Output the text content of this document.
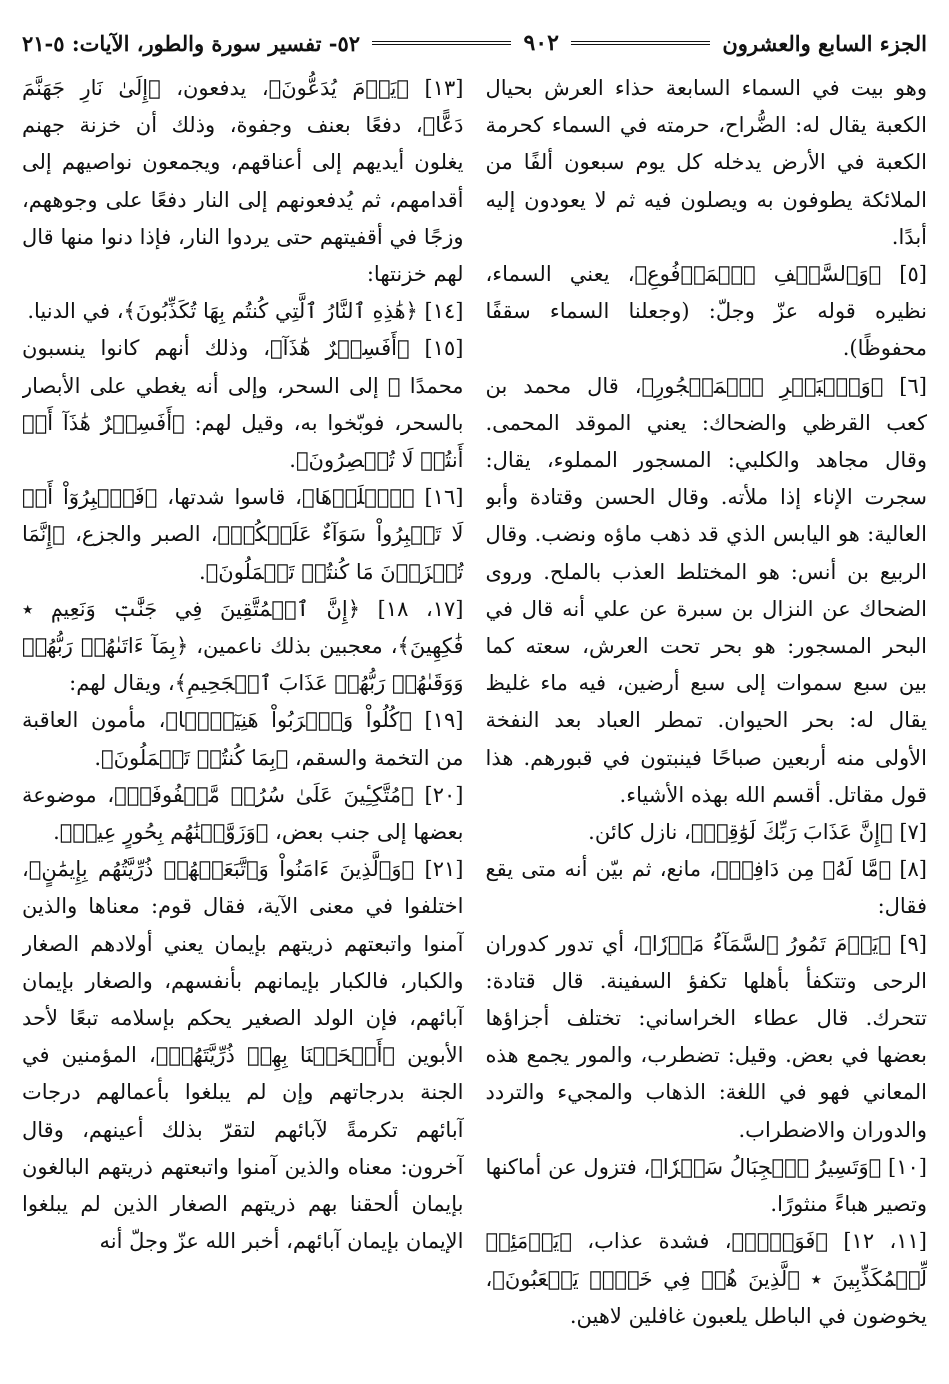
الجزء السابع والعشرون
٩٠٢
٥٢- تفسير سورة والطور، الآيات: ٥-٢١

وهو بيت في السماء السابعة حذاء العرش بحيال الكعبة يقال له: الضُّراح، حرمته في السماء كحرمة الكعبة في الأرض يدخله كل يوم سبعون ألفًا من الملائكة يطوفون به ويصلون فيه ثم لا يعودون إليه أبدًا.

[٥] ﴿وَٱلسَّقۡفِ ٱلۡمَرۡفُوعِ﴾، يعني السماء، نظيره قوله عزّ وجلّ: (وجعلنا السماء سقفًا محفوظًا).

[٦] ﴿وَٱلۡبَحۡرِ ٱلۡمَسۡجُورِ﴾، قال محمد بن كعب القرظي والضحاك: يعني الموقد المحمى. وقال مجاهد والكلبي: المسجور المملوء، يقال: سجرت الإناء إذا ملأته. وقال الحسن وقتادة وأبو العالية: هو اليابس الذي قد ذهب ماؤه ونضب. وقال الربيع بن أنس: هو المختلط العذب بالملح. وروى الضحاك عن النزال بن سبرة عن علي أنه قال في البحر المسجور: هو بحر تحت العرش، سعته كما بين سبع سموات إلى سبع أرضين، فيه ماء غليظ يقال له: بحر الحيوان. تمطر العباد بعد النفخة الأولى منه أربعين صباحًا فينبتون في قبورهم. هذا قول مقاتل. أقسم الله بهذه الأشياء.

[٧] ﴿إِنَّ عَذَابَ رَبِّكَ لَوَٰقِعٞ﴾، نازل كائن.

[٨] ﴿مَّا لَهُۥ مِن دَافِعٖ﴾، مانع، ثم بيّن أنه متى يقع فقال:

[٩] ﴿يَوۡمَ تَمُورُ ٱلسَّمَآءُ مَوۡرٗا﴾، أي تدور كدوران الرحى وتتكفأ بأهلها تكفؤ السفينة. قال قتادة: تتحرك. قال عطاء الخراساني: تختلف أجزاؤها بعضها في بعض. وقيل: تضطرب، والمور يجمع هذه المعاني فهو في اللغة: الذهاب والمجيء والتردد والدوران والاضطراب.

[١٠] ﴿وَتَسِيرُ ٱلۡجِبَالُ سَيۡرٗا﴾، فتزول عن أماكنها وتصير هباءً منثورًا.

[١١، ١٢] ﴿فَوَيۡلٞ﴾، فشدة عذاب، ﴿يَوۡمَئِذٖ لِّلۡمُكَذِّبِينَ ٭ ٱلَّذِينَ هُمۡ فِي خَوۡضٖ يَلۡعَبُونَ﴾، يخوضون في الباطل يلعبون غافلين لاهين.

[١٣] ﴿يَوۡمَ يُدَعُّونَ﴾، يدفعون، ﴿إِلَىٰ نَارِ جَهَنَّمَ دَعًّا﴾، دفعًا بعنف وجفوة، وذلك أن خزنة جهنم يغلون أيديهم إلى أعناقهم، ويجمعون نواصيهم إلى أقدامهم، ثم يُدفعونهم إلى النار دفعًا على وجوههم، وزجًا في أقفيتهم حتى يردوا النار، فإذا دنوا منها قال لهم خزنتها:

[١٤] ﴿هَٰذِهِ ٱلنَّارُ ٱلَّتِي كُنتُم بِهَا تُكَذِّبُونَ﴾، في الدنيا.

[١٥] ﴿أَفَسِحۡرٌ هَٰذَآ﴾، وذلك أنهم كانوا ينسبون محمدًا ﷺ إلى السحر، وإلى أنه يغطي على الأبصار بالسحر، فوبّخوا به، وقيل لهم: ﴿أَفَسِحۡرٌ هَٰذَآ أَمۡ أَنتُمۡ لَا تُبۡصِرُونَ﴾.

[١٦] ﴿ٱصۡلَوۡهَا﴾، قاسوا شدتها، ﴿فَٱصۡبِرُوٓاْ أَوۡ لَا تَصۡبِرُواْ سَوَآءٌ عَلَيۡكُمۡ﴾، الصبر والجزع، ﴿إِنَّمَا تُجۡزَوۡنَ مَا كُنتُمۡ تَعۡمَلُونَ﴾.

[١٧، ١٨] ﴿إِنَّ ٱلۡمُتَّقِينَ فِي جَنَّٰتٖ وَنَعِيمٖ ٭ فَٰكِهِينَ﴾، معجبين بذلك ناعمين، ﴿بِمَآ ءَاتَىٰهُمۡ رَبُّهُمۡ وَوَقَىٰهُمۡ رَبُّهُمۡ عَذَابَ ٱلۡجَحِيمِ﴾، ويقال لهم:

[١٩] ﴿كُلُواْ وَٱشۡرَبُواْ هَنِيٓـَٔۢا﴾، مأمون العاقبة من التخمة والسقم، ﴿بِمَا كُنتُمۡ تَعۡمَلُونَ﴾.

[٢٠] ﴿مُتَّكِـِٔينَ عَلَىٰ سُرُرٖ مَّصۡفُوفَةٖ﴾، موضوعة بعضها إلى جنب بعض، ﴿وَزَوَّجۡنَٰهُم بِحُورٍ عِينٖ﴾.

[٢١] ﴿وَٱلَّذِينَ ءَامَنُواْ وَٱتَّبَعَتۡهُمۡ ذُرِّيَّتُهُم بِإِيمَٰنٍ﴾، اختلفوا في معنى الآية، فقال قوم: معناها والذين آمنوا واتبعتهم ذريتهم بإيمان يعني أولادهم الصغار والكبار، فالكبار بإيمانهم بأنفسهم، والصغار بإيمان آبائهم، فإن الولد الصغير يحكم بإسلامه تبعًا لأحد الأبوين ﴿أَلۡحَقۡنَا بِهِمۡ ذُرِّيَّتَهُمۡ﴾، المؤمنين في الجنة بدرجاتهم وإن لم يبلغوا بأعمالهم درجات آبائهم تكرمةً لآبائهم لتقرّ بذلك أعينهم، وقال آخرون: معناه والذين آمنوا واتبعتهم ذريتهم البالغون بإيمان ألحقنا بهم ذريتهم الصغار الذين لم يبلغوا الإيمان بإيمان آبائهم، أخبر الله عزّ وجلّ أنه
